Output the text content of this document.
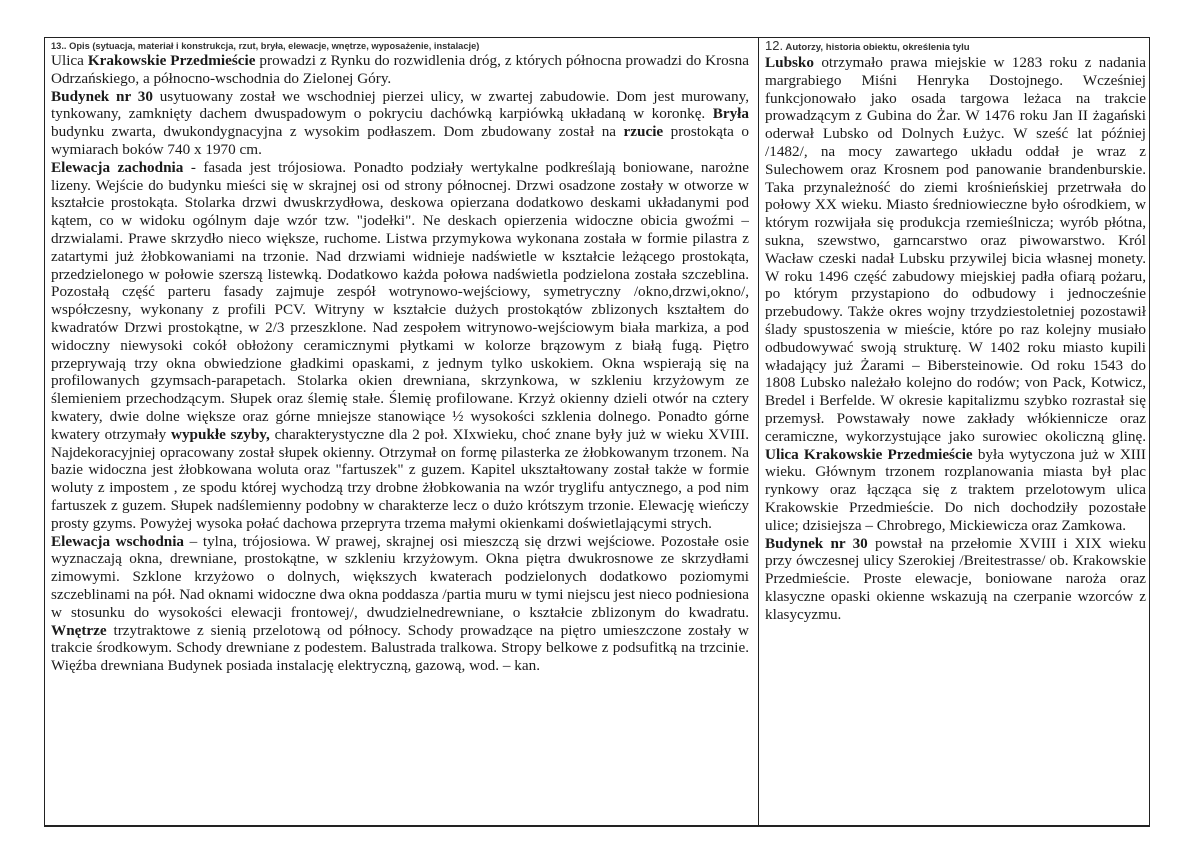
13.. Opis (sytuacja, materiał i konstrukcja, rzut, bryła, elewacje, wnętrze, wyposażenie, instalacje)
Ulica Krakowskie Przedmieście prowadzi z Rynku do rozwidlenia dróg, z których północna prowadzi do Krosna Odrzańskiego, a północno-wschodnia do Zielonej Góry.
Budynek nr 30 usytuowany został we wschodniej pierzei ulicy, w zwartej zabudowie. Dom jest murowany, tynkowany, zamknięty dachem dwuspadowym o pokryciu dachówką karpiówką układaną w koronkę. Bryła budynku zwarta, dwukondygnacyjna z wysokim podłaszem. Dom zbudowany został na rzucie prostokąta o wymiarach boków 740 x 1970 cm.
Elewacja zachodnia - fasada jest trójosiowa. Ponadto podziały wertykalne podkreślają boniowane, narożne lizeny. Wejście do budynku mieści się w skrajnej osi od strony północnej. Drzwi osadzone zostały w otworze w kształcie prostokąta. Stolarka drzwi dwuskrzydłowa, deskowa opierzana dodatkowo deskami układanymi pod kątem, co w widoku ogólnym daje wzór tzw. "jodełki". Ne deskach opierzenia widoczne obicia gwoźmi – drzwialami. Prawe skrzydło nieco większe, ruchome. Listwa przymykowa wykonana została w formie pilastra z zatartymi już żłobkowaniami na trzonie. Nad drzwiami widnieje nadświetle w kształcie leżącego prostokąta, przedzielonego w połowie szerszą listewką. Dodatkowo każda połowa nadświetla podzielona została szczeblina. Pozostałą część parteru fasady zajmuje zespół wotrynowo-wejściowy, symetryczny /okno,drzwi,okno/, współczesny, wykonany z profili PCV. Witryny w kształcie dużych prostokątów zblizonych kształtem do kwadratów Drzwi prostokątne, w 2/3 przeszklone. Nad zespołem witrynowo-wejściowym biała markiza, a pod widoczny niewysoki cokół obłożony ceramicznymi płytkami w kolorze brązowym z białą fugą. Piętro przeprywają trzy okna obwiedzione gładkimi opaskami, z jednym tylko uskokiem. Okna wspierają się na profilowanych gzymsach-parapetach. Stolarka okien drewniana, skrzynkowa, w szkleniu krzyżowym ze ślemieniem przechodzącym. Słupek oraz ślemię stałe. Ślemię profilowane. Krzyż okienny dzieli otwór na cztery kwatery, dwie dolne większe oraz górne mniejsze stanowiące ½ wysokości szklenia dolnego. Ponadto górne kwatery otrzymały wypukłe szyby, charakterystyczne dla 2 poł. XIxwieku, choć znane były już w wieku XVIII. Najdekoracyjniej opracowany został słupek okienny. Otrzymał on formę pilasterka ze żłobkowanym trzonem. Na bazie widoczna jest żłobkowana woluta oraz "fartuszek" z guzem. Kapitel ukształtowany został także w formie woluty z impostem , ze spodu której wychodzą trzy drobne żłobkowania na wzór tryglifu antycznego, a pod nim fartuszek z guzem. Słupek nadślemienny podobny w charakterze lecz o dużo krótszym trzonie. Elewację wieńczy prosty gzyms. Powyżej wysoka połać dachowa przeprута trzema małymi okienkami doświetlającymi strych.
Elewacja wschodnia – tylna, trójosiowa. W prawej, skrajnej osi mieszczą się drzwi wejściowe. Pozostałe osie wyznaczają okna, drewniane, prostokątne, w szkleniu krzyżowym. Okna piętra dwukrosnowe ze skrzydłami zimowymi. Szklone krzyżowo o dolnych, większych kwaterach podzielonych dodatkowo poziomymi szczeblinami na pół. Nad oknami widoczne dwa okna poddasza /partia muru w tymi niejscu jest nieco podniesiona w stosunku do wysokości elewacji frontowej/, dwudzielnedrewniane, o kształcie zblizonym do kwadratu. Wnętrze trzytraktowe z sienią przelotową od północy. Schody prowadzące na piętro umieszczone zostały w trakcie środkowym. Schody drewniane z podestem. Balustrada tralkowa. Stropy belkowe z podsufitką na trzcinie. Więźba drewniana Budynek posiada instalację elektryczną, gazową, wod. – kan.
12. Autorzy, historia obiektu, określenia tylu
Lubsko otrzymało prawa miejskie w 1283 roku z nadania margrabiego Miśni Henryka Dostojnego. Wcześniej funkcjonowało jako osada targowa leżaca na trakcie prowadzącym z Gubina do Żar. W 1476 roku Jan II żagański oderwał Lubsko od Dolnych Łużyc. W sześć lat później /1482/, na mocy zawartego układu oddał je wraz z Sulechowem oraz Krosnem pod panowanie brandenburskie. Taka przynależność do ziemi krośnieńskiej przetrwała do połowy XX wieku. Miasto średniowieczne było ośrodkiem, w którym rozwijała się produkcja rzemieślnicza; wyrób płótna, sukna, szewstwo, garncarstwo oraz piwowarstwo. Król Wacław czeski nadał Lubsku przywilej bicia własnej monety. W roku 1496 część zabudowy miejskiej padła ofiarą pożaru, po którym przystapiono do odbudowy i jednocześnie przebudowy. Także okres wojny trzydziestoletniej pozostawił ślady spustoszenia w mieście, które po raz kolejny musiało odbudowywać swoją strukturę. W 1402 roku miasto kupili władający już Żarami – Bibersteinowie. Od roku 1543 do 1808 Lubsko należało kolejno do rodów; von Pack, Kotwicz, Bredel i Berfelde. W okresie kapitalizmu szybko rozrastał się przemysł. Powstawały nowe zakłady włókiennicze oraz ceramiczne, wykorzystujące jako surowiec okoliczną glinę. Ulica Krakowskie Przedmieście była wytyczona już w XIII wieku. Głównym trzonem rozplanowania miasta był plac rynkowy oraz łącząca się z traktem przelotowym ulica Krakowskie Przedmieście. Do nich dochodziły pozostałe ulice; dzisiejsza – Chrobrego, Mickiewicza oraz Zamkowa.
Budynek nr 30 powstał na przełomie XVIII i XIX wieku przy ówczesnej ulicy Szerokiej /Breitestrasse/ ob. Krakowskie Przedmieście. Proste elewacje, boniowane naroża oraz klasyczne opaski okienne wskazują na czerpanie wzorców z klasycyzmu.
